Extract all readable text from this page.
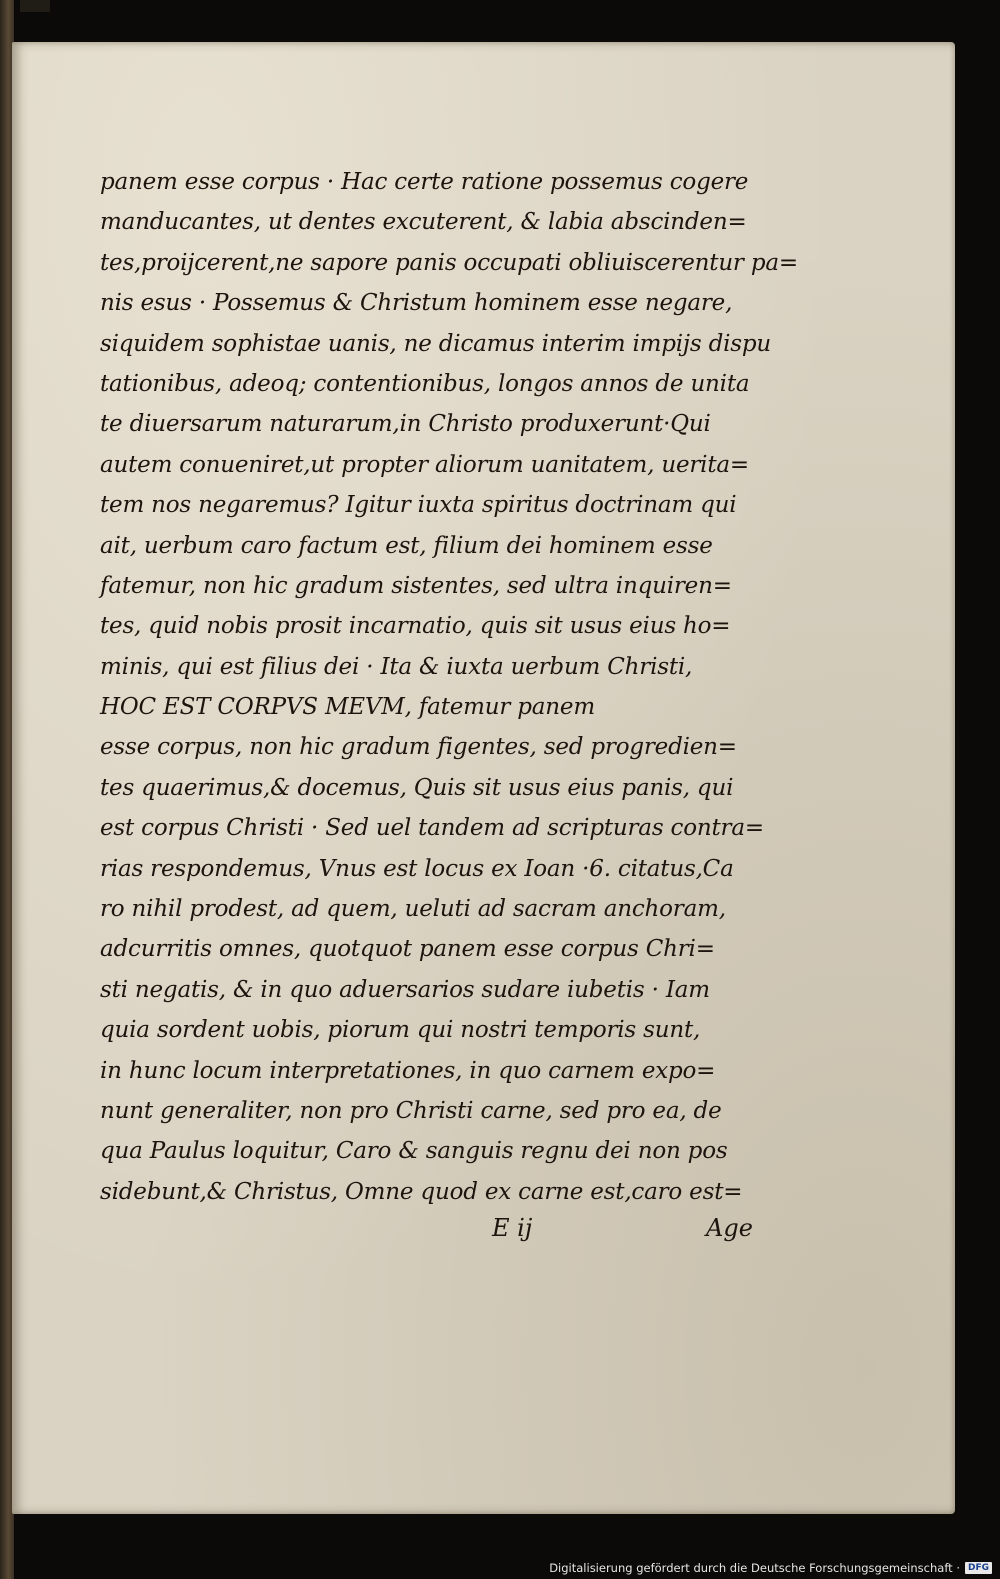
panem esse corpus · Hac certe ratione possemus cogere
manducantes, ut dentes excuterent, & labia abscinden=
tes,proijcerent,ne sapore panis occupati obliuiscerentur pa=
nis esus · Possemus & Christum hominem esse negare,
siquidem sophistae uanis, ne dicamus interim impijs dispu
tationibus, adeoq; contentionibus, longos annos de unita
te diuersarum naturarum,in Christo produxerunt·Qui
autem conueniret,ut propter aliorum uanitatem, uerita=
tem nos negaremus? Igitur iuxta spiritus doctrinam qui
ait, uerbum caro factum est, filium dei hominem esse
fatemur, non hic gradum sistentes, sed ultra inquiren=
tes, quid nobis prosit incarnatio, quis sit usus eius ho=
minis, qui est filius dei · Ita & iuxta uerbum Christi,
HOC EST CORPVS MEVM, fatemur panem
esse corpus, non hic gradum figentes, sed progredien=
tes quaerimus,& docemus, Quis sit usus eius panis, qui
est corpus Christi · Sed uel tandem ad scripturas contra=
rias respondemus, Vnus est locus ex Ioan ·6. citatus,Ca
ro nihil prodest, ad quem, ueluti ad sacram anchoram,
adcurritis omnes, quotquot panem esse corpus Chri=
sti negatis, & in quo aduersarios sudare iubetis · Iam
quia sordent uobis, piorum qui nostri temporis sunt,
in hunc locum interpretationes, in quo carnem expo=
nunt generaliter, non pro Christi carne, sed pro ea, de
qua Paulus loquitur, Caro & sanguis regnu dei non pos
sidebunt,& Christus, Omne quod ex carne est,caro est=
E ij	Age
Digitalisierung gefördert durch die Deutsche Forschungsgemeinschaft · DFG
